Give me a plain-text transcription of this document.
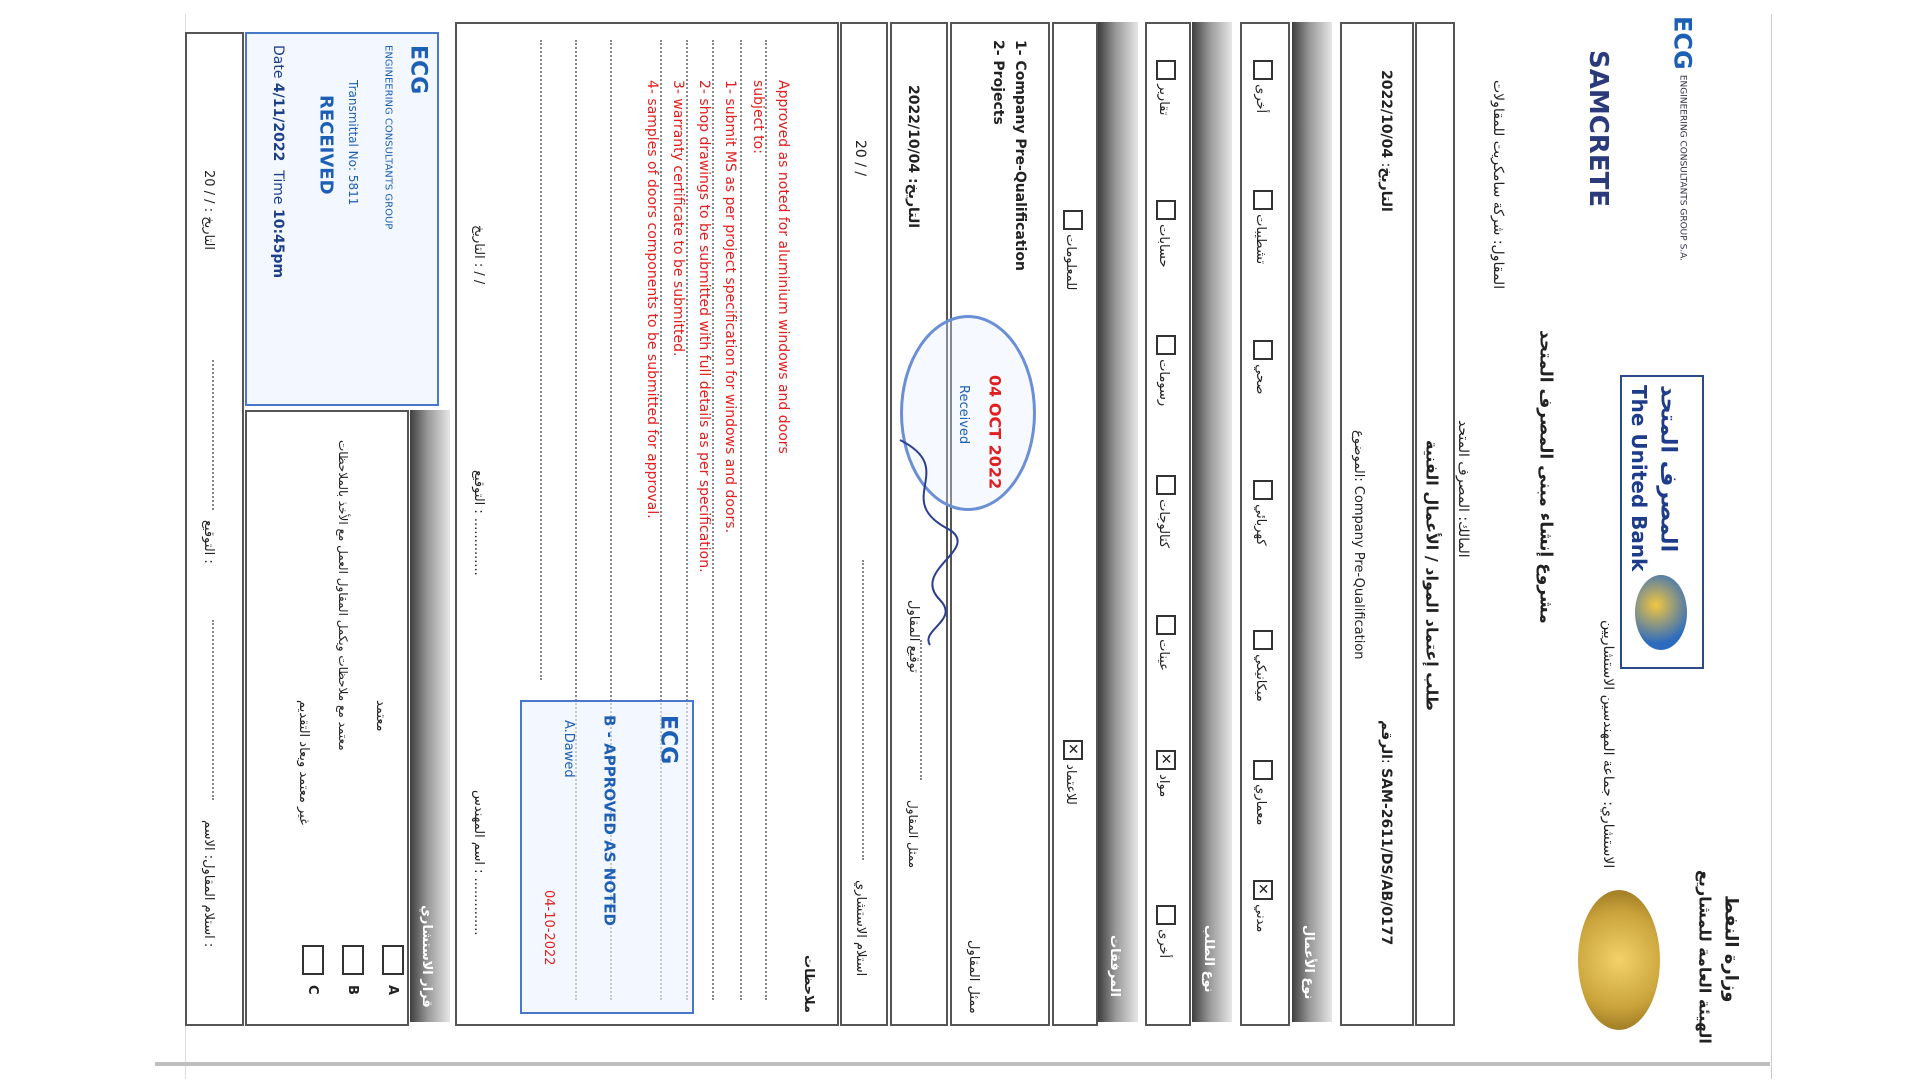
وزارة النفط
الهيئة العامة للمشاريع
ECG ENGINEERING CONSULTANTS GROUP S.A.
SAMCRETE
المصرف المتحد
The United Bank
الاستشاري: جماعة المهندسين الاستشاريين
المقاول: شركة سامكريت للمقاولات
مشروع إنشاء مبنى المصرف المتحد
المالك: المصرف المتحد
طلب إعتماد المواد / الأعمال الفنية
التاريخ: 2022/10/04
الرقم: SAM-2611/DS/AB/0177
الموضوع: Company Pre-Qualification
نوع الأعمال
✕ مدني
معماري
ميكانيكي
كهربائي
صحي
تشطيبات
أخرى
نوع الطلب
✕ مواد
عينات
كتالوجات
رسومات
حسابات
تقارير
أخرى
المرفقات
✕ للاعتماد
للمعلومات
1- Company Pre-Qualification
2- Projects
ممثل المقاول
التاريخ: 2022/10/04
توقيع المقاول
ممثل المقاول
20 / /
استلام الاستشاري
04 OCT 2022
Received
ملاحظات
Approved as noted for aluminium windows and doors
subject to:
1- submit MS as per project specification for windows and doors.
2- shop drawings to be submitted with full details as per specification.
3- warranty certificate to be submitted.
4- samples of doors components to be submitted for approval.
ECG
B - APPROVED AS NOTED
A.Dawed
04-10-2022
اسم المهندس : ..............
التوقيع : ..............
التاريخ : / /
قرار الاستشاري
معتمد
A
معتمد مع ملاحظات ويكمل المقاول العمل مع الأخذ بالملاحظات
B
غير معتمد ويعاد التقديم
C
ECG
ENGINEERING CONSULTANTS GROUP
Transmittal No: 5811
RECEIVED
Date 4/11/2022  Time 10:45pm
استلام المقاول: الاسم :
التوقيع :
20 / / : التاريخ
